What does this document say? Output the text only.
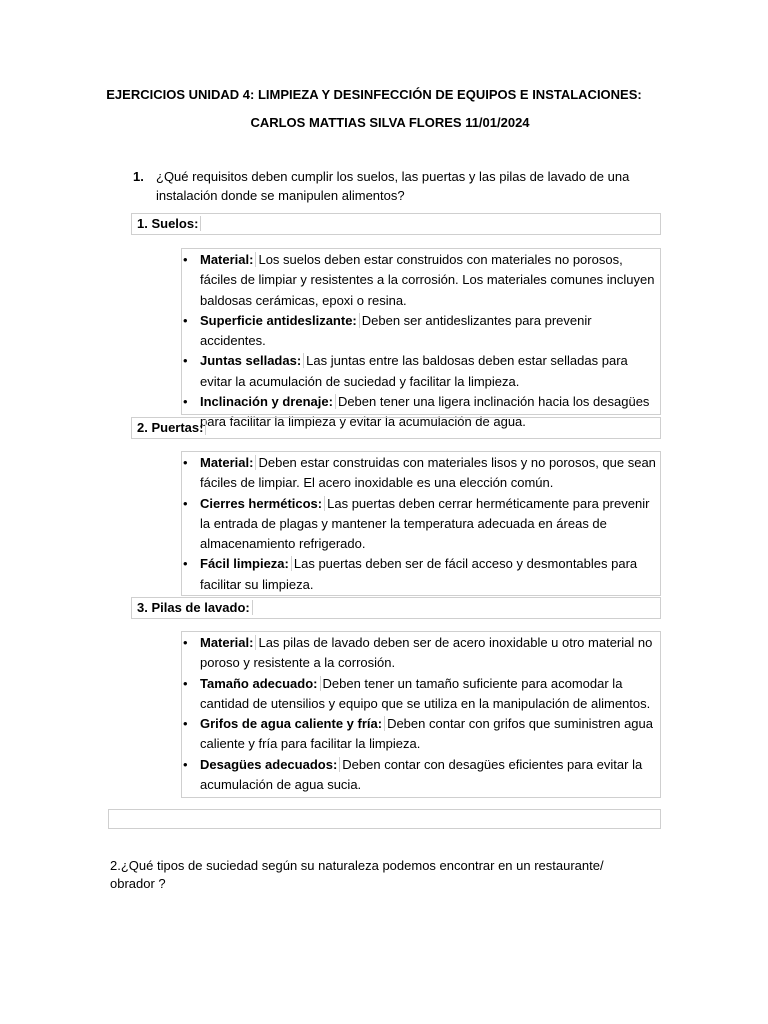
EJERCICIOS UNIDAD 4: LIMPIEZA Y DESINFECCIÓN DE EQUIPOS E INSTALACIONES:
CARLOS MATTIAS SILVA FLORES 11/01/2024
1. ¿Qué requisitos deben cumplir los suelos, las puertas y las pilas de lavado de una instalación donde se manipulen alimentos?
1. Suelos:
• Material: Los suelos deben estar construidos con materiales no porosos, fáciles de limpiar y resistentes a la corrosión. Los materiales comunes incluyen baldosas cerámicas, epoxi o resina.
• Superficie antideslizante: Deben ser antideslizantes para prevenir accidentes.
• Juntas selladas: Las juntas entre las baldosas deben estar selladas para evitar la acumulación de suciedad y facilitar la limpieza.
• Inclinación y drenaje: Deben tener una ligera inclinación hacia los desagües para facilitar la limpieza y evitar la acumulación de agua.
2. Puertas:
• Material: Deben estar construidas con materiales lisos y no porosos, que sean fáciles de limpiar. El acero inoxidable es una elección común.
• Cierres herméticos: Las puertas deben cerrar herméticamente para prevenir la entrada de plagas y mantener la temperatura adecuada en áreas de almacenamiento refrigerado.
• Fácil limpieza: Las puertas deben ser de fácil acceso y desmontables para facilitar su limpieza.
3. Pilas de lavado:
• Material: Las pilas de lavado deben ser de acero inoxidable u otro material no poroso y resistente a la corrosión.
• Tamaño adecuado: Deben tener un tamaño suficiente para acomodar la cantidad de utensilios y equipo que se utiliza en la manipulación de alimentos.
• Grifos de agua caliente y fría: Deben contar con grifos que suministren agua caliente y fría para facilitar la limpieza.
• Desagües adecuados: Deben contar con desagües eficientes para evitar la acumulación de agua sucia.
2.¿Qué tipos de suciedad según su naturaleza podemos encontrar en un restaurante/ obrador ?
